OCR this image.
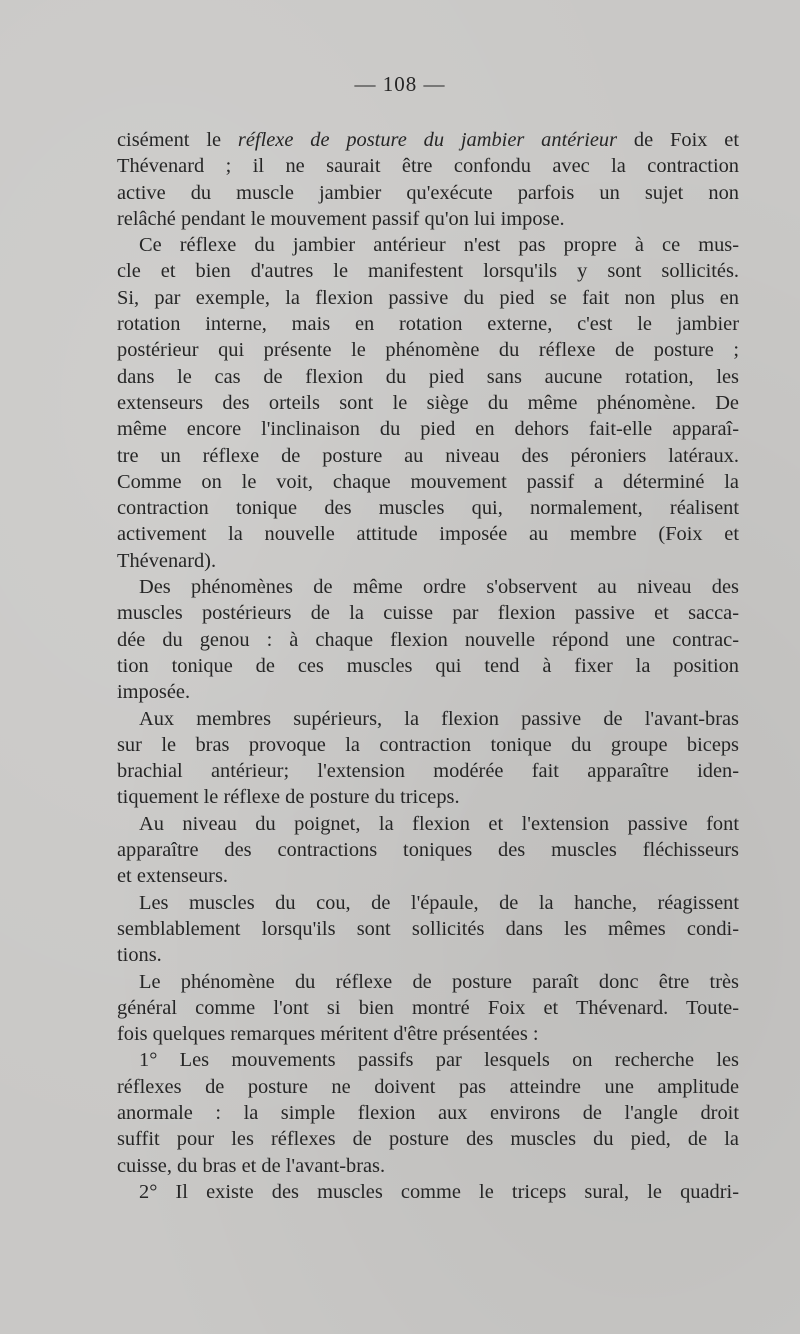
— 108 —
cisément le réflexe de posture du jambier antérieur de Foix et
Thévenard ; il ne saurait être confondu avec la contraction
active du muscle jambier qu'exécute parfois un sujet non
relâché pendant le mouvement passif qu'on lui impose.
Ce réflexe du jambier antérieur n'est pas propre à ce mus-
cle et bien d'autres le manifestent lorsqu'ils y sont sollicités.
Si, par exemple, la flexion passive du pied se fait non plus en
rotation interne, mais en rotation externe, c'est le jambier
postérieur qui présente le phénomène du réflexe de posture ;
dans le cas de flexion du pied sans aucune rotation, les
extenseurs des orteils sont le siège du même phénomène. De
même encore l'inclinaison du pied en dehors fait-elle apparaî-
tre un réflexe de posture au niveau des péroniers latéraux.
Comme on le voit, chaque mouvement passif a déterminé la
contraction tonique des muscles qui, normalement, réalisent
activement la nouvelle attitude imposée au membre (Foix et
Thévenard).
Des phénomènes de même ordre s'observent au niveau des
muscles postérieurs de la cuisse par flexion passive et sacca-
dée du genou : à chaque flexion nouvelle répond une contrac-
tion tonique de ces muscles qui tend à fixer la position
imposée.
Aux membres supérieurs, la flexion passive de l'avant-bras
sur le bras provoque la contraction tonique du groupe biceps
brachial antérieur; l'extension modérée fait apparaître iden-
tiquement le réflexe de posture du triceps.
Au niveau du poignet, la flexion et l'extension passive font
apparaître des contractions toniques des muscles fléchisseurs
et extenseurs.
Les muscles du cou, de l'épaule, de la hanche, réagissent
semblablement lorsqu'ils sont sollicités dans les mêmes condi-
tions.
Le phénomène du réflexe de posture paraît donc être très
général comme l'ont si bien montré Foix et Thévenard. Toute-
fois quelques remarques méritent d'être présentées :
1° Les mouvements passifs par lesquels on recherche les
réflexes de posture ne doivent pas atteindre une amplitude
anormale : la simple flexion aux environs de l'angle droit
suffit pour les réflexes de posture des muscles du pied, de la
cuisse, du bras et de l'avant-bras.
2° Il existe des muscles comme le triceps sural, le quadri-
